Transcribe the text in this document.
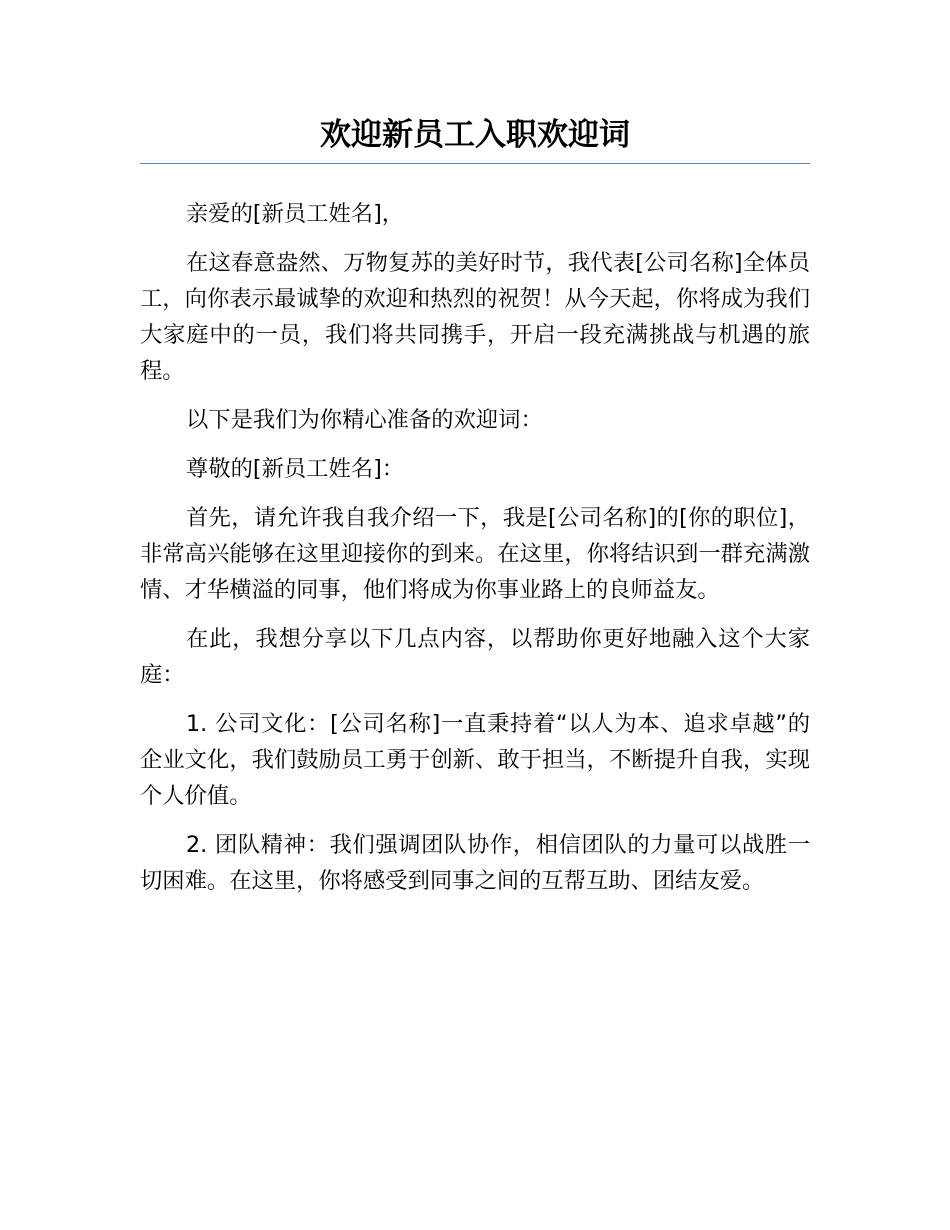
欢迎新员工入职欢迎词

亲爱的[新员工姓名]，

在这春意盎然、万物复苏的美好时节，我代表[公司名称]全体员工，向你表示最诚挚的欢迎和热烈的祝贺！从今天起，你将成为我们大家庭中的一员，我们将共同携手，开启一段充满挑战与机遇的旅程。

以下是我们为你精心准备的欢迎词：

尊敬的[新员工姓名]：

首先，请允许我自我介绍一下，我是[公司名称]的[你的职位]，非常高兴能够在这里迎接你的到来。在这里，你将结识到一群充满激情、才华横溢的同事，他们将成为你事业路上的良师益友。

在此，我想分享以下几点内容，以帮助你更好地融入这个大家庭：

1. 公司文化：[公司名称]一直秉持着“以人为本、追求卓越”的企业文化，我们鼓励员工勇于创新、敢于担当，不断提升自我，实现个人价值。

2. 团队精神：我们强调团队协作，相信团队的力量可以战胜一切困难。在这里，你将感受到同事之间的互帮互助、团结友爱。
